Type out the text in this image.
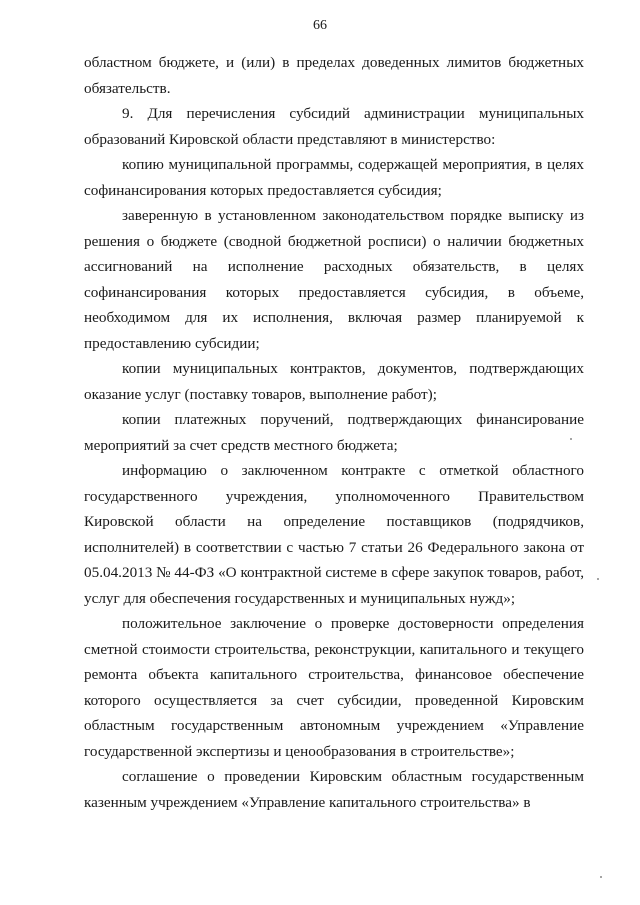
66

областном бюджете, и (или) в пределах доведенных лимитов бюджетных обязательств.

9. Для перечисления субсидий администрации муниципальных образований Кировской области представляют в министерство:

копию муниципальной программы, содержащей мероприятия, в целях софинансирования которых предоставляется субсидия;

заверенную в установленном законодательством порядке выписку из решения о бюджете (сводной бюджетной росписи) о наличии бюджетных ассигнований на исполнение расходных обязательств, в целях софинансирования которых предоставляется субсидия, в объеме, необходимом для их исполнения, включая размер планируемой к предоставлению субсидии;

копии муниципальных контрактов, документов, подтверждающих оказание услуг (поставку товаров, выполнение работ);

копии платежных поручений, подтверждающих финансирование мероприятий за счет средств местного бюджета;

информацию о заключенном контракте с отметкой областного государственного учреждения, уполномоченного Правительством Кировской области на определение поставщиков (подрядчиков, исполнителей) в соответствии с частью 7 статьи 26 Федерального закона от 05.04.2013 № 44-ФЗ «О контрактной системе в сфере закупок товаров, работ, услуг для обеспечения государственных и муниципальных нужд»;

положительное заключение о проверке достоверности определения сметной стоимости строительства, реконструкции, капитального и текущего ремонта объекта капитального строительства, финансовое обеспечение которого осуществляется за счет субсидии, проведенной Кировским областным государственным автономным учреждением «Управление государственной экспертизы и ценообразования в строительстве»;

соглашение о проведении Кировским областным государственным казенным учреждением «Управление капитального строительства» в
